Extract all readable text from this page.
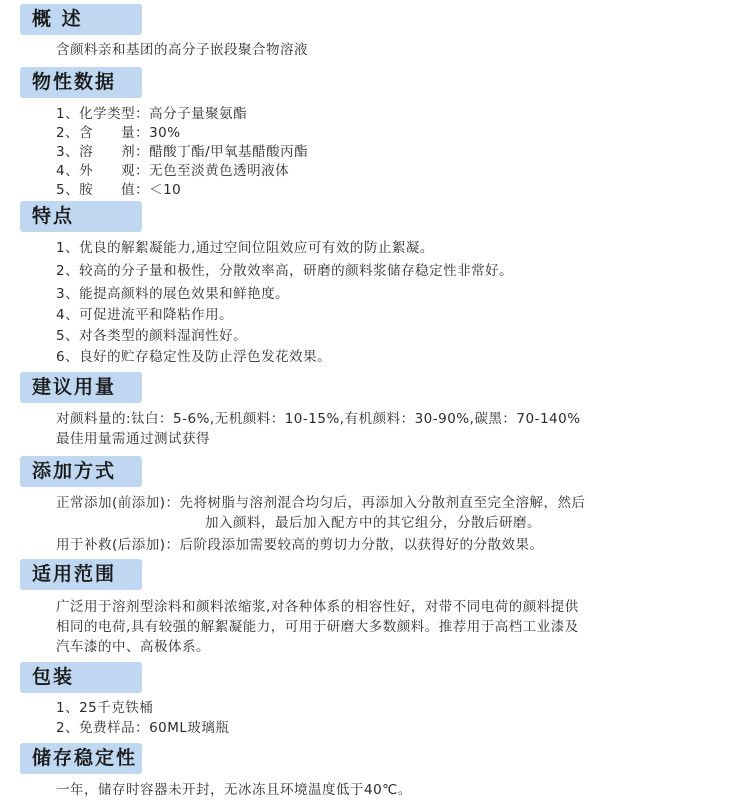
概 述
含颜料亲和基团的高分子嵌段聚合物溶液
物性数据
1、化学类型：高分子量聚氨酯
2、含　　量：30%
3、溶　　剂：醋酸丁酯/甲氧基醋酸丙酯
4、外　　观：无色至淡黄色透明液体
5、胺　　值：＜10
特点
1、优良的解絮凝能力,通过空间位阻效应可有效的防止絮凝。
2、较高的分子量和极性，分散效率高，研磨的颜料浆储存稳定性非常好。
3、能提高颜料的展色效果和鲜艳度。
4、可促进流平和降粘作用。
5、对各类型的颜料湿润性好。
6、良好的贮存稳定性及防止浮色发花效果。
建议用量
对颜料量的:钛白：5-6%,无机颜料：10-15%,有机颜料：30-90%,碳黑：70-140%
最佳用量需通过测试获得
添加方式
正常添加(前添加)：先将树脂与溶剂混合均匀后，再添加入分散剂直至完全溶解，然后
加入颜料，最后加入配方中的其它组分，分散后研磨。
用于补救(后添加)：后阶段添加需要较高的剪切力分散，以获得好的分散效果。
适用范围
广泛用于溶剂型涂料和颜料浓缩浆,对各种体系的相容性好，对带不同电荷的颜料提供
相同的电荷,具有较强的解絮凝能力，可用于研磨大多数颜料。推荐用于高档工业漆及
汽车漆的中、高极体系。
包装
1、25千克铁桶
2、免费样品：60ML玻璃瓶
储存稳定性
一年，储存时容器未开封，无冰冻且环境温度低于40℃。
